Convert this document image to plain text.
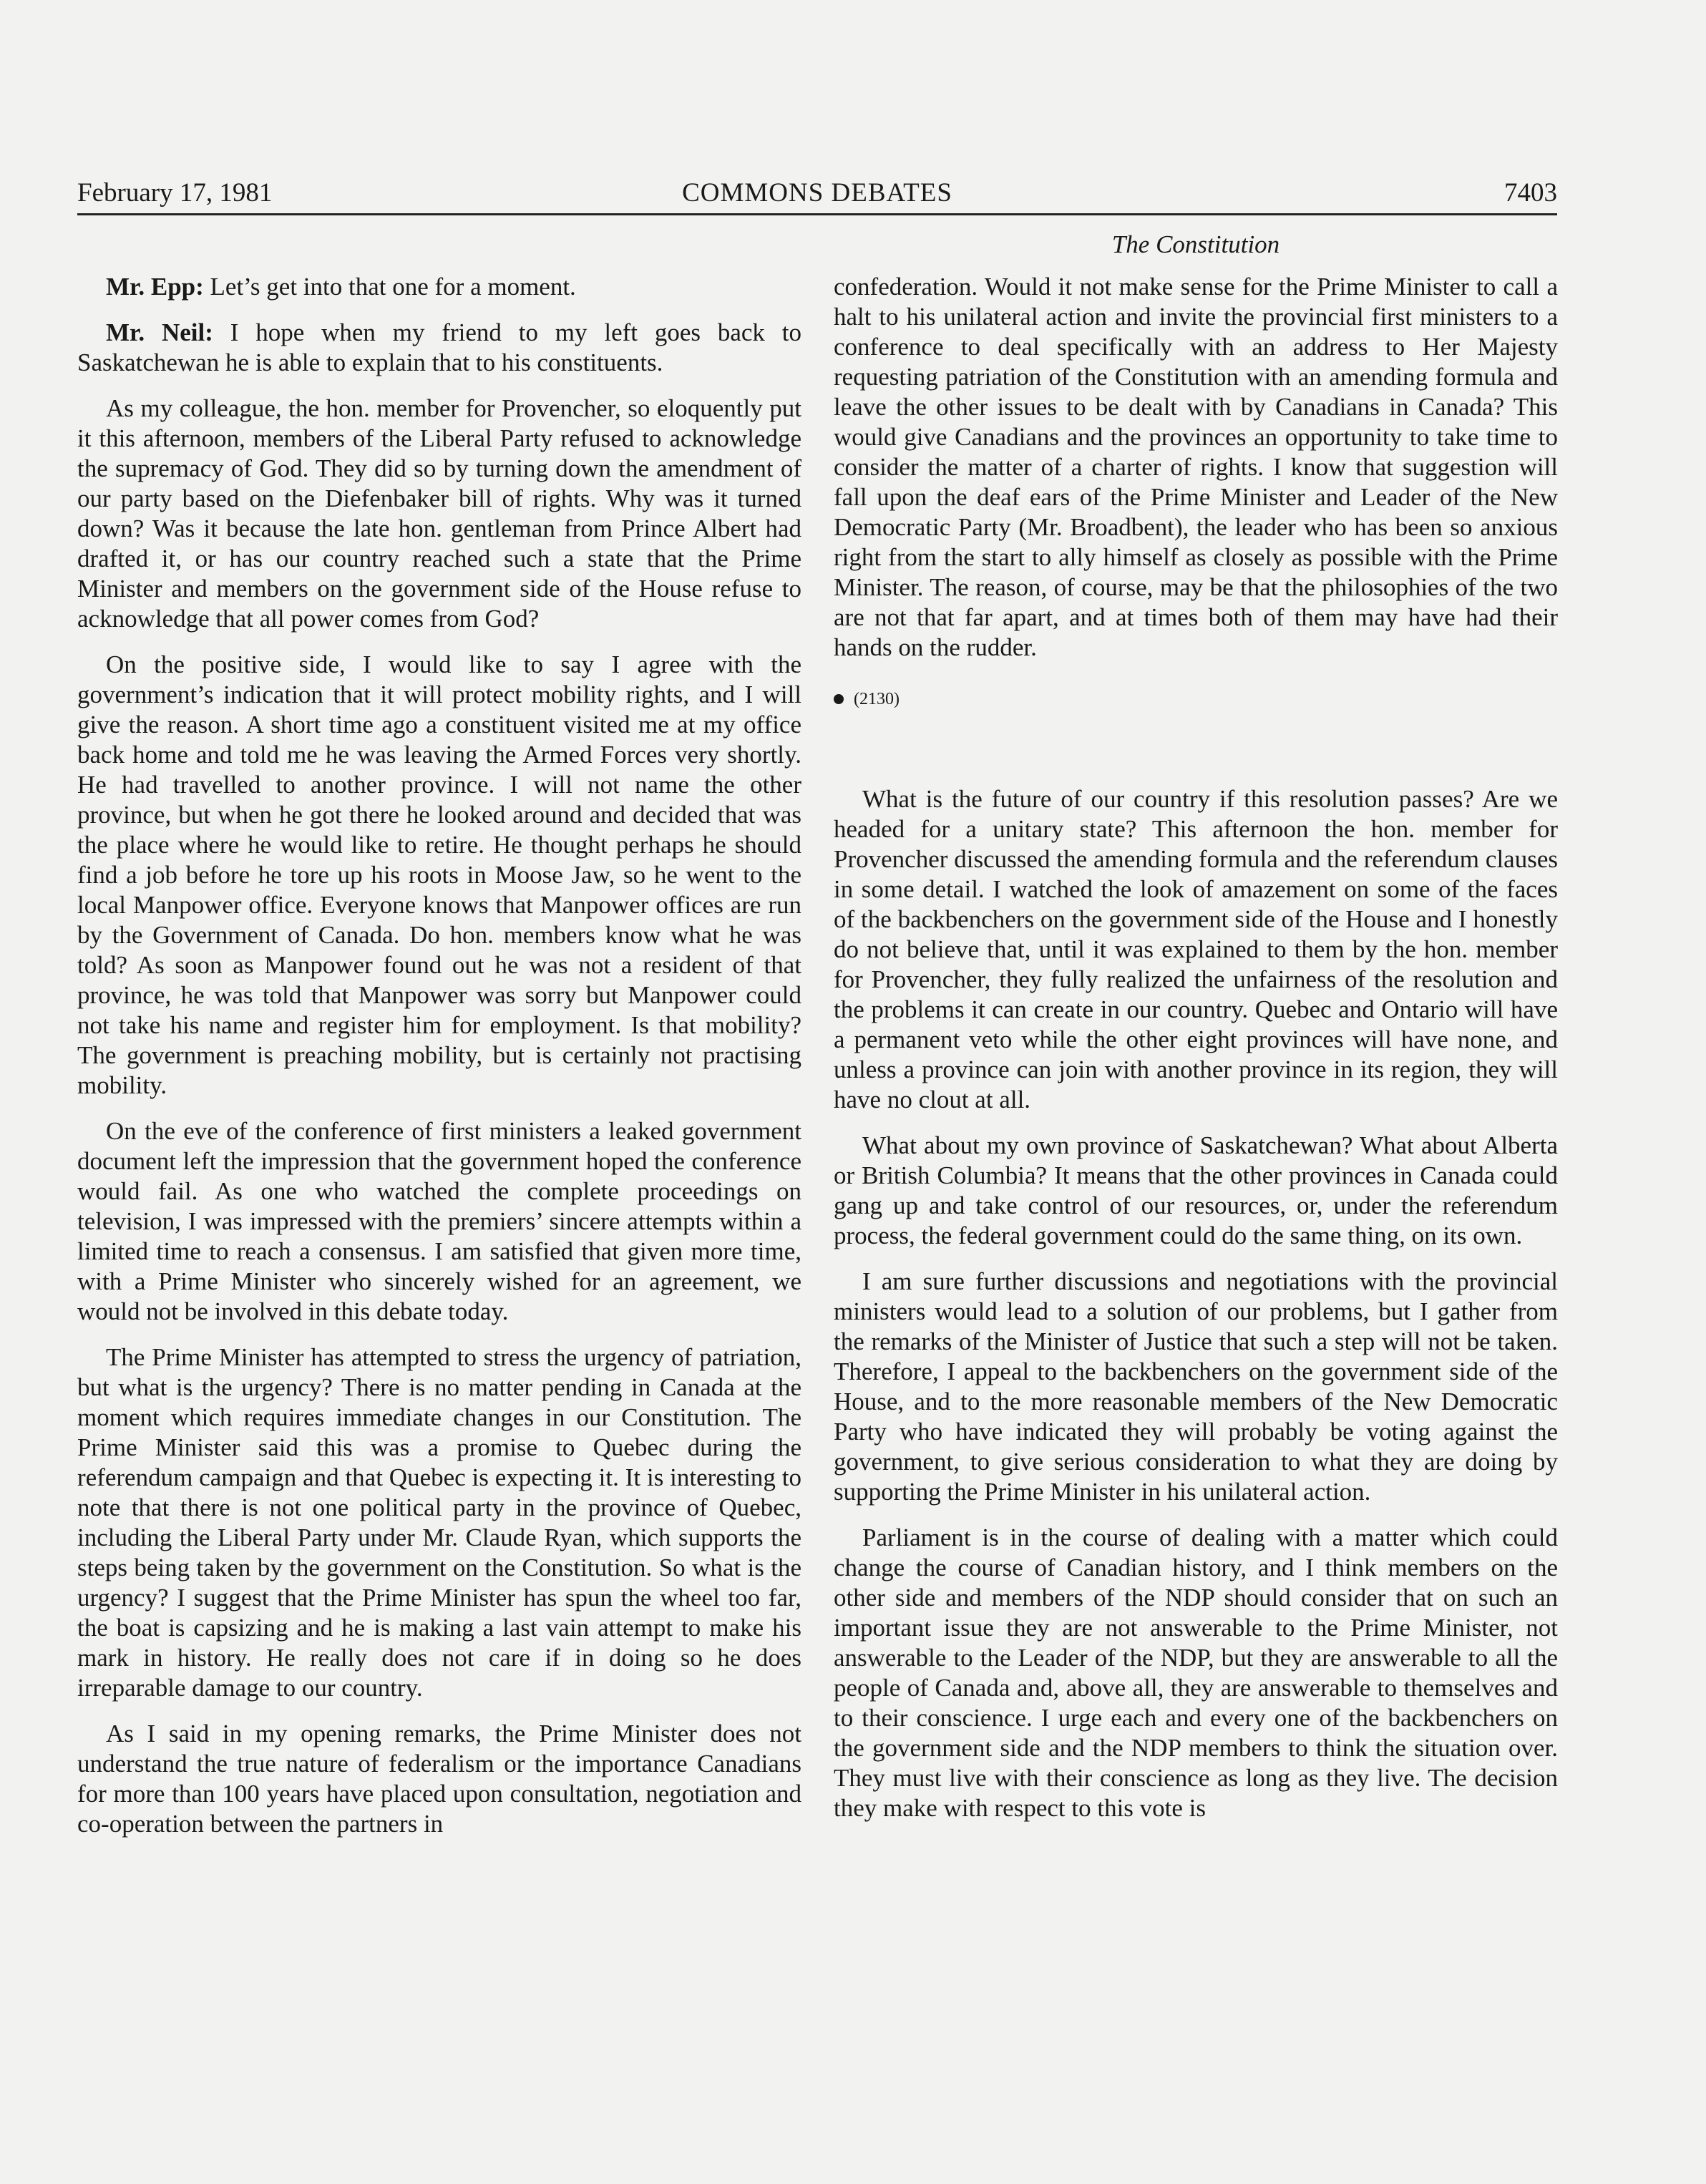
February 17, 1981	COMMONS DEBATES	7403
The Constitution

Mr. Epp: Let’s get into that one for a moment.

Mr. Neil: I hope when my friend to my left goes back to Saskatchewan he is able to explain that to his constituents.

As my colleague, the hon. member for Provencher, so eloquently put it this afternoon, members of the Liberal Party refused to acknowledge the supremacy of God. They did so by turning down the amendment of our party based on the Diefenbaker bill of rights. Why was it turned down? Was it because the late hon. gentleman from Prince Albert had drafted it, or has our country reached such a state that the Prime Minister and members on the government side of the House refuse to acknowledge that all power comes from God?

On the positive side, I would like to say I agree with the government’s indication that it will protect mobility rights, and I will give the reason. A short time ago a constituent visited me at my office back home and told me he was leaving the Armed Forces very shortly. He had travelled to another province. I will not name the other province, but when he got there he looked around and decided that was the place where he would like to retire. He thought perhaps he should find a job before he tore up his roots in Moose Jaw, so he went to the local Manpower office. Everyone knows that Manpower offices are run by the Government of Canada. Do hon. members know what he was told? As soon as Manpower found out he was not a resident of that province, he was told that Manpower was sorry but Manpower could not take his name and register him for employment. Is that mobility? The government is preaching mobility, but is certainly not practising mobility.

On the eve of the conference of first ministers a leaked government document left the impression that the government hoped the conference would fail. As one who watched the complete proceedings on television, I was impressed with the premiers’ sincere attempts within a limited time to reach a consensus. I am satisfied that given more time, with a Prime Minister who sincerely wished for an agreement, we would not be involved in this debate today.

The Prime Minister has attempted to stress the urgency of patriation, but what is the urgency? There is no matter pending in Canada at the moment which requires immediate changes in our Constitution. The Prime Minister said this was a promise to Quebec during the referendum campaign and that Quebec is expecting it. It is interesting to note that there is not one political party in the province of Quebec, including the Liberal Party under Mr. Claude Ryan, which supports the steps being taken by the government on the Constitution. So what is the urgency? I suggest that the Prime Minister has spun the wheel too far, the boat is capsizing and he is making a last vain attempt to make his mark in history. He really does not care if in doing so he does irreparable damage to our country.

As I said in my opening remarks, the Prime Minister does not understand the true nature of federalism or the importance Canadians for more than 100 years have placed upon consultation, negotiation and co-operation between the partners in

confederation. Would it not make sense for the Prime Minister to call a halt to his unilateral action and invite the provincial first ministers to a conference to deal specifically with an address to Her Majesty requesting patriation of the Constitution with an amending formula and leave the other issues to be dealt with by Canadians in Canada? This would give Canadians and the provinces an opportunity to take time to consider the matter of a charter of rights. I know that suggestion will fall upon the deaf ears of the Prime Minister and Leader of the New Democratic Party (Mr. Broadbent), the leader who has been so anxious right from the start to ally himself as closely as possible with the Prime Minister. The reason, of course, may be that the philosophies of the two are not that far apart, and at times both of them may have had their hands on the rudder.

(2130)

What is the future of our country if this resolution passes? Are we headed for a unitary state? This afternoon the hon. member for Provencher discussed the amending formula and the referendum clauses in some detail. I watched the look of amazement on some of the faces of the backbenchers on the government side of the House and I honestly do not believe that, until it was explained to them by the hon. member for Provencher, they fully realized the unfairness of the resolution and the problems it can create in our country. Quebec and Ontario will have a permanent veto while the other eight provinces will have none, and unless a province can join with another province in its region, they will have no clout at all.

What about my own province of Saskatchewan? What about Alberta or British Columbia? It means that the other provinces in Canada could gang up and take control of our resources, or, under the referendum process, the federal government could do the same thing, on its own.

I am sure further discussions and negotiations with the provincial ministers would lead to a solution of our problems, but I gather from the remarks of the Minister of Justice that such a step will not be taken. Therefore, I appeal to the backbenchers on the government side of the House, and to the more reasonable members of the New Democratic Party who have indicated they will probably be voting against the government, to give serious consideration to what they are doing by supporting the Prime Minister in his unilateral action.

Parliament is in the course of dealing with a matter which could change the course of Canadian history, and I think members on the other side and members of the NDP should consider that on such an important issue they are not answerable to the Prime Minister, not answerable to the Leader of the NDP, but they are answerable to all the people of Canada and, above all, they are answerable to themselves and to their conscience. I urge each and every one of the backbenchers on the government side and the NDP members to think the situation over. They must live with their conscience as long as they live. The decision they make with respect to this vote is
